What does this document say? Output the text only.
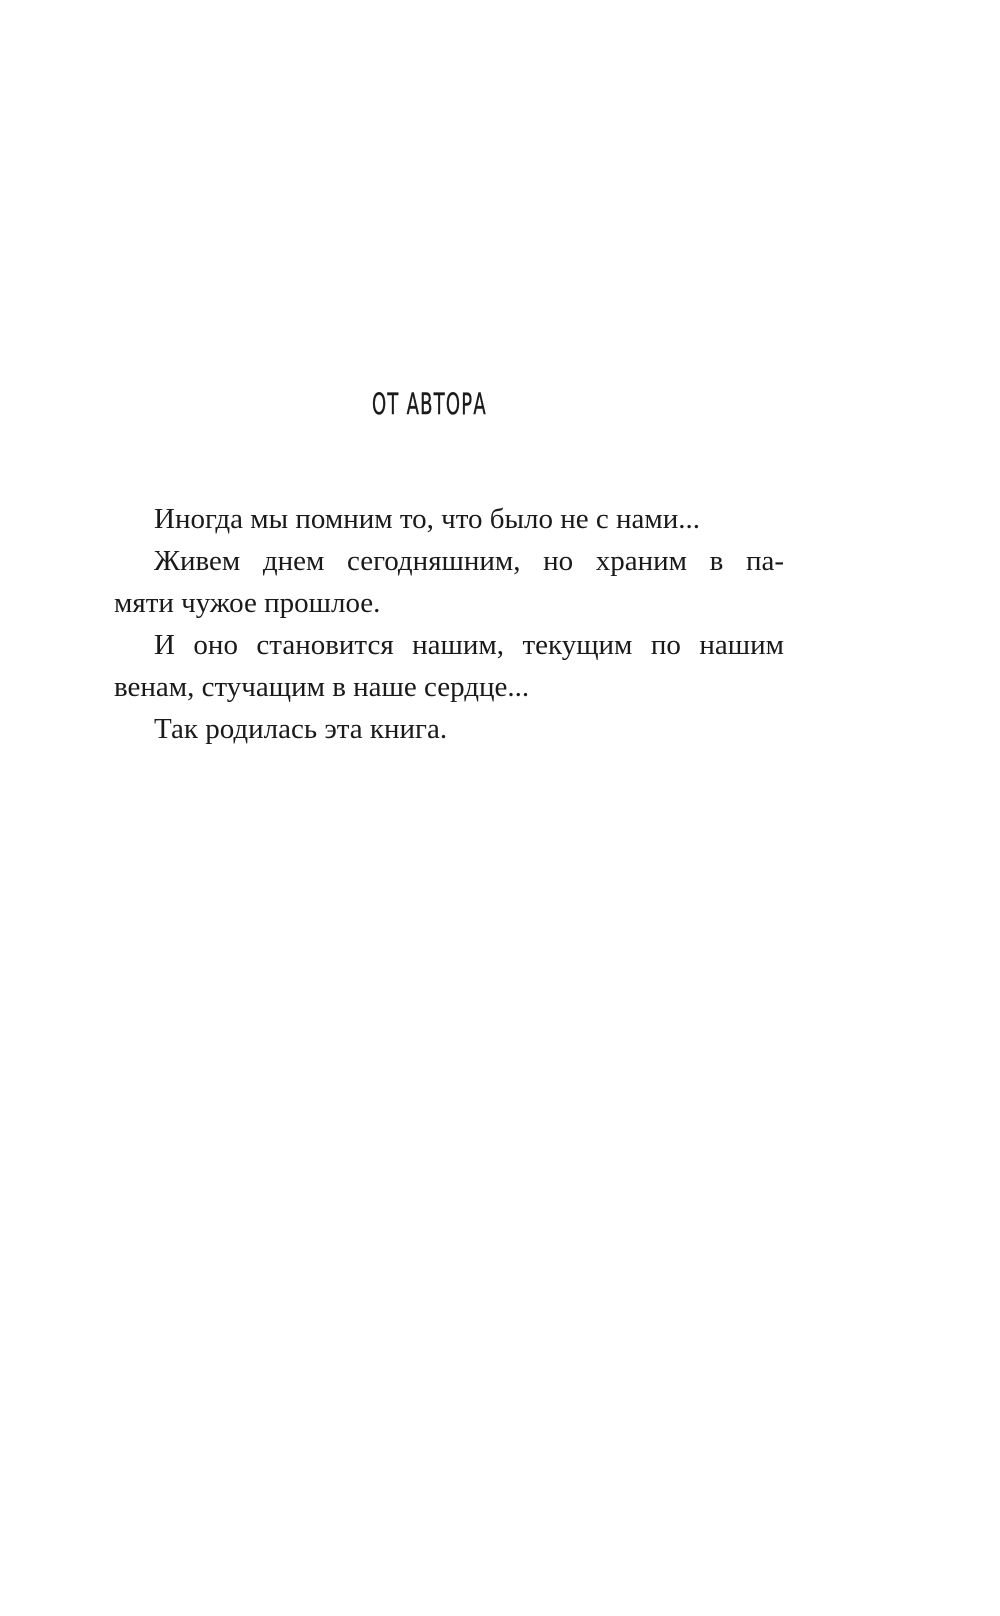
ОТ АВТОРА
Иногда мы помним то, что было не с нами...
Живем днем сегодняшним, но храним в па-
мяти чужое прошлое.
И оно становится нашим, текущим по нашим
венам, стучащим в наше сердце...
Так родилась эта книга.
